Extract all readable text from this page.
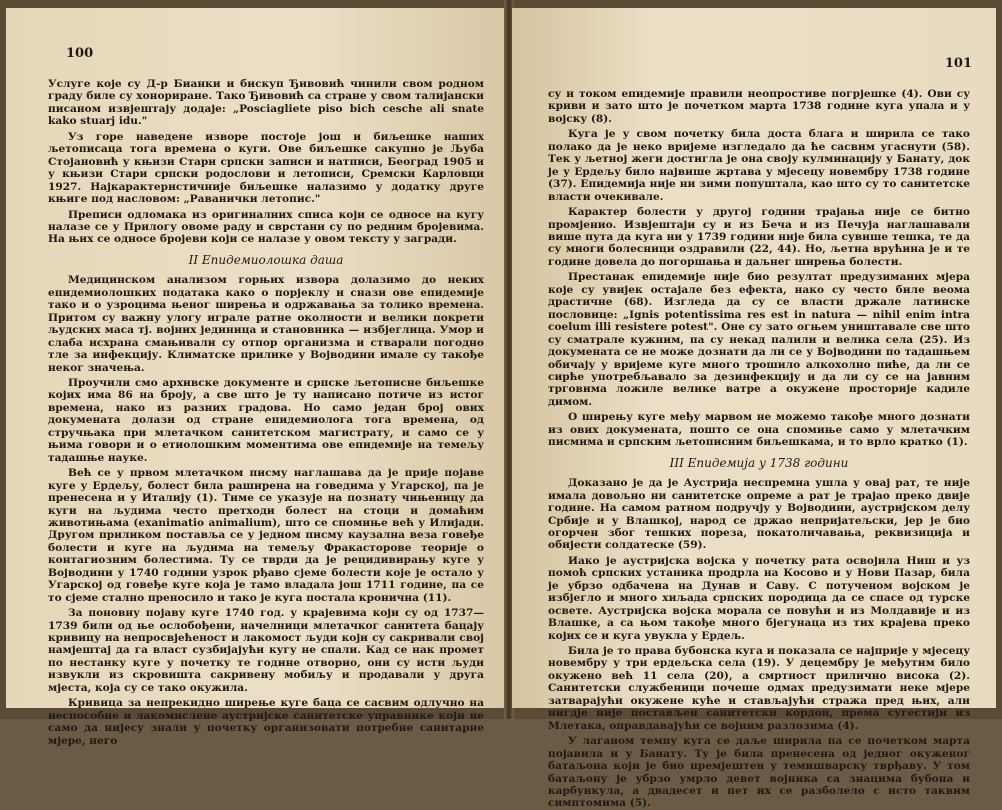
100

Услуге које су Д-р Бианки и бискуп Ђивовић чинили свом родном граду биле су хонориране. Тако Ђивовић са стране у свом талијански писаном извјештају додаје: „Posciagliete piso bich cesche ali snate kako stuarj idu."

Уз горе наведене изворе постоје још и биљешке наших љетописаца тога времена о куги. Ове биљешке сакупио је Љуба Стојановић у књизи Стари српски записи и натписи, Београд 1905 и у књизи Стари српски родослови и летописи, Сремски Карловци 1927. Најкарактеристичније биљешке налазимо у додатку друге књиге под насловом: „Раванички летопис."

Преписи одломака из оригиналних списа који се односе на кугу налазе се у Прилогу овоме раду и сврстани су по редним бројевима. На њих се односе бројеви који се налазе у овом тексту у загради.

II Епидемиолошка даша

Медицинском анализом горњих извора долазимо до неких епидемиолошких података како о порјеклу и снази ове епидемије тако и о узроцима њеног ширења и одржавања за толико времена. Притом су важну улогу играле ратне околности и велики покрети људских маса тј. војних јединица и становника — избјеглица. Умор и слаба исхрана смањивали су отпор организма и стварали погодно тле за инфекцију. Климатске прилике у Војводини имале су такође неког значења.

Проучили смо архивске документе и српске љетописне биљешке којих има 86 на броју, а све што је ту написано потиче из истог времена, нако из разних градова. Но само један број ових докумената долази од стране епидемиолога тога времена, од стручњака при млетачком санитетском магистрату, и само се у њима говори и о етиолошким моментима ове епидемије на темељу тадашње науке.

Већ се у првом млетачком писму наглашава да је прије појаве куге у Ердељу, болест била раширена на говедима у Угарској, па је пренесена и у Италију (1). Тиме се указује на познату чињеницу да куги на људима често претходи болест на стоци и домаћим животињама (exanimatio animalium), што се спомиње већ у Илијади. Другом приликом поставља се у једном писму каузална веза говеђе болести и куге на људима на темељу Фракасторове теорије о контагиозним болестима. Ту се тврди да је рецидивирању куге у Војводини у 1740 години узрок рђаво сјеме болести које је остало у Угарској од говеђе куге која је тамо владала још 1711 године, па се то сјеме стално преносило и тако је куга постала кронична (11).

За поновну појаву куге 1740 год. у крајевима који су од 1737—1739 били од ње ослобођени, начелници млетачког санитета бацају кривицу на непросвјећеност и лакомост људи који су сакривали свој намјештај да га власт сузбијајући кугу не спали. Кад се нак промет по нестанку куге у почетку те године отворио, они су исти људи извукли из скровишта сакривену мобиљу и продавали у друга мјеста, која су се тако окужила.

Кривица за непрекидно ширење куге баца се сасвим одлучно на неспособне и лакомислене аустријске санитетске управнике који не само да нијесу знали у почетку организовати потребне санитарне мјере, него

101

су и током епидемије правили неопростиве погрјешке (4). Ови су криви и зато што је почетком марта 1738 године куга упала и у војску (8).

Куга је у свом почетку била доста блага и ширила се тако полако да је неко вријеме изгледало да ће сасвим угаснути (58). Тек у љетној жеги достигла је она своју кулминацију у Банату, док је у Ердељу било највише жртава у мјесецу новембру 1738 године (37). Епидемија није ни зими попуштала, као што су то санитетске власти очекивале.

Карактер болести у другој години трајања није се битно промјенио. Извјештаји су и из Беча и из Печуја наглашавали више пута да куга ни у 1739 години није била сувише тешка, те да су многи болесници оздравили (22, 44). Но, љетна врућина је и те године довела до погоршања и даљнег ширења болести.

Престанак епидемије није био резултат предузиманих мјера које су увијек остајале без ефекта, нако су често биле веома драстичне (68). Изгледа да су се власти држале латинске пословице: „Ignis potentissima res est in natura — nihil enim intra coelum illi resistere potest". Оне су зато огњем уништавале све што су сматрале кужним, па су некад палили и велика села (25). Из докумената се не може дознати да ли се у Војводини по тадашњем обичају у вријеме куге много трошило алкохолно пиће, да ли се сирће употребљавало за дезинфекцију и да ли су се на јавним трговима ложиле велике ватре а окужене просторије кадиле димом.

О ширењу куге међу марвом не можемо такође много дознати из ових докумената, пошто се она спомиње само у млетачким писмима и српским љетописним биљешкама, и то врло кратко (1).

III Епидемија у 1738 години

Доказано је да је Аустрија неспремна ушла у овај рат, те није имала довољно ни санитетске опреме а рат је трајао преко двије године. На самом ратном подручју у Војводини, аустријском делу Србије и у Влашкој, народ се држао непријатељски, јер је био огорчен због тешких пореза, покатоличавања, реквизиција и обијести солдатеске (59).

Иако је аустријска војска у почетку рата освојила Ниш и уз помоћ српских устаника продрла на Косово и у Нови Пазар, била је убрзо одбачена на Дунав и Саву. С потученом војском је избјегло и много хиљада српских породица да се спасе од турске освете. Аустријска војска морала се повући и из Молдавије и из Влашке, а са њом такође много бјегунаца из тих крајева преко којих се и куга увукла у Ердељ.

Била је то права бубонска куга и показала се најприје у мјесецу новембру у три ердељска села (19). У децембру је међутим било окужено већ 11 села (20), а смртност прилично висока (2). Санитетски службеници почеше одмах предузимати неке мјере затварајући окужене куће и стављајући стража пред њих, али нигдје није постављен санитетски кордон, према сугестији из Млетака, оправдавајући се војним разлозима (4).

У лаганом темпу куга се даље ширила па се почетком марта појавила и у Банату. Ту је била пренесена од једног окуженог батаљона који је био премјештен у темишварску тврђаву. У том батаљону је убрзо умрло девет војника са знацима бубона и карбункула, а двадесет и пет их се разболело с исто таквим симптомима (5).
